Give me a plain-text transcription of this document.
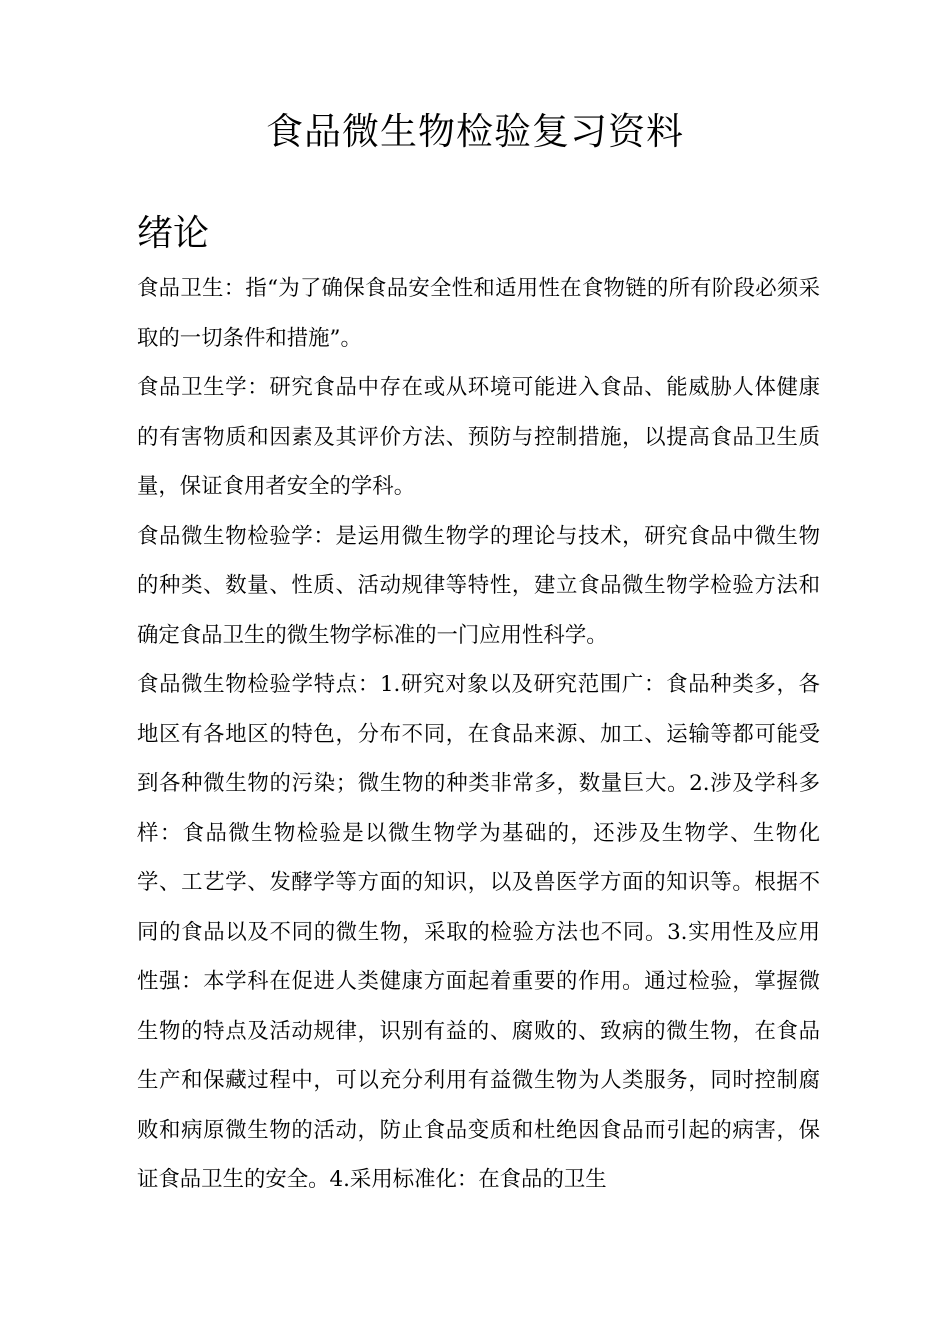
食品微生物检验复习资料
绪论

食品卫生：指“为了确保食品安全性和适用性在食物链的所有阶段必须采取的一切条件和措施”。

食品卫生学：研究食品中存在或从环境可能进入食品、能威胁人体健康的有害物质和因素及其评价方法、预防与控制措施，以提高食品卫生质量，保证食用者安全的学科。

食品微生物检验学：是运用微生物学的理论与技术，研究食品中微生物的种类、数量、性质、活动规律等特性，建立食品微生物学检验方法和确定食品卫生的微生物学标准的一门应用性科学。

食品微生物检验学特点：1.研究对象以及研究范围广：食品种类多，各地区有各地区的特色，分布不同，在食品来源、加工、运输等都可能受到各种微生物的污染；微生物的种类非常多，数量巨大。2.涉及学科多样：食品微生物检验是以微生物学为基础的，还涉及生物学、生物化学、工艺学、发酵学等方面的知识，以及兽医学方面的知识等。根据不同的食品以及不同的微生物，采取的检验方法也不同。3.实用性及应用性强：本学科在促进人类健康方面起着重要的作用。通过检验，掌握微生物的特点及活动规律，识别有益的、腐败的、致病的微生物，在食品生产和保藏过程中，可以充分利用有益微生物为人类服务，同时控制腐败和病原微生物的活动，防止食品变质和杜绝因食品而引起的病害，保证食品卫生的安全。4.采用标准化：在食品的卫生
